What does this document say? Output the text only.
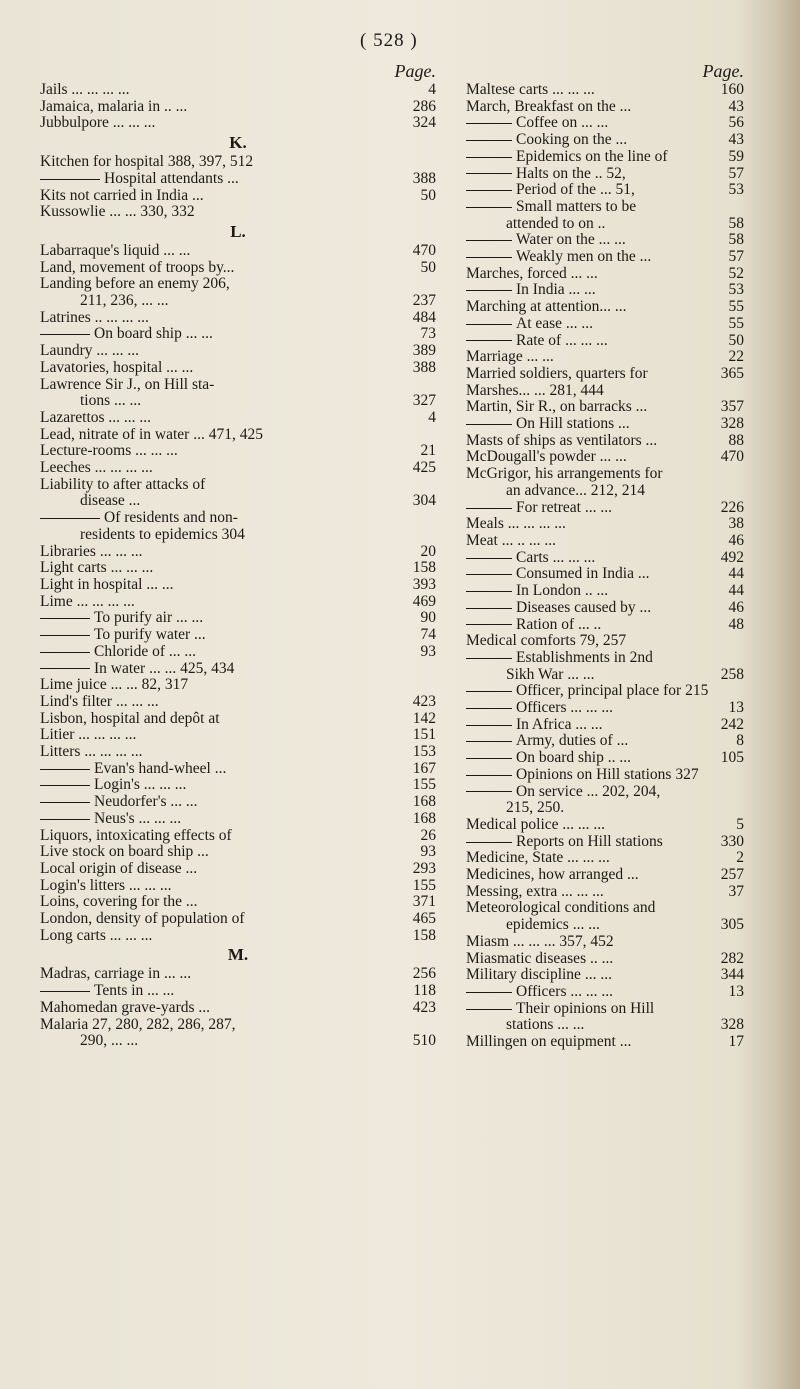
( 528 )
Page.
4
Jails ... ... ... ...
286
Jamaica, malaria in .. ...
324
Jubbulpore ... ... ...
K.
Kitchen for hospital 388, 397, 512
388
Hospital attendants ...
50
Kits not carried in India ...
Kussowlie ... ... 330, 332
L.
470
Labarraque's liquid ... ...
50
Land, movement of troops by...
Landing before an enemy 206,
237
211, 236, ... ...
484
Latrines .. ... ... ...
73
On board ship ... ...
389
Laundry ... ... ...
388
Lavatories, hospital ... ...
Lawrence Sir J., on Hill sta-
327
tions ... ...
4
Lazarettos ... ... ...
Lead, nitrate of in water ... 471, 425
21
Lecture-rooms ... ... ...
425
Leeches ... ... ... ...
Liability to after attacks of
304
disease ...
Of residents and non-
residents to epidemics 304
20
Libraries ... ... ...
158
Light carts ... ... ...
393
Light in hospital ... ...
469
Lime ... ... ... ...
90
To purify air ... ...
74
To purify water ...
93
Chloride of ... ...
In water ... ... 425, 434
Lime juice ... ... 82, 317
423
Lind's filter ... ... ...
142
Lisbon, hospital and depôt at
151
Litier ... ... ... ...
153
Litters ... ... ... ...
167
Evan's hand-wheel ...
155
Login's ... ... ...
168
Neudorfer's ... ...
168
Neus's ... ... ...
26
Liquors, intoxicating effects of
93
Live stock on board ship ...
293
Local origin of disease ...
155
Login's litters ... ... ...
371
Loins, covering for the ...
465
London, density of population of
158
Long carts ... ... ...
M.
256
Madras, carriage in ... ...
118
Tents in ... ...
423
Mahomedan grave-yards ...
Malaria 27, 280, 282, 286, 287,
510
290, ... ...
Page.
160
Maltese carts ... ... ...
43
March, Breakfast on the ...
56
Coffee on ... ...
43
Cooking on the ...
59
Epidemics on the line of
57
Halts on the .. 52,
53
Period of the ... 51,
Small matters to be
58
attended to on ..
58
Water on the ... ...
57
Weakly men on the ...
52
Marches, forced ... ...
53
In India ... ...
55
Marching at attention... ...
55
At ease ... ...
50
Rate of ... ... ...
22
Marriage ... ...
365
Married soldiers, quarters for
Marshes... ... 281, 444
357
Martin, Sir R., on barracks ...
328
On Hill stations ...
88
Masts of ships as ventilators ...
470
McDougall's powder ... ...
McGrigor, his arrangements for
an advance... 212, 214
226
For retreat ... ...
38
Meals ... ... ... ...
46
Meat ... .. ... ...
492
Carts ... ... ...
44
Consumed in India ...
44
In London .. ...
46
Diseases caused by ...
48
Ration of ... ..
Medical comforts 79, 257
Establishments in 2nd
258
Sikh War ... ...
Officer, principal place for 215
13
Officers ... ... ...
242
In Africa ... ...
8
Army, duties of ...
105
On board ship .. ...
Opinions on Hill stations 327
On service ... 202, 204,
215, 250.
5
Medical police ... ... ...
330
Reports on Hill stations
2
Medicine, State ... ... ...
257
Medicines, how arranged ...
37
Messing, extra ... ... ...
Meteorological conditions and
305
epidemics ... ...
Miasm ... ... ... 357, 452
282
Miasmatic diseases .. ...
344
Military discipline ... ...
13
Officers ... ... ...
Their opinions on Hill
328
stations ... ...
17
Millingen on equipment ...
